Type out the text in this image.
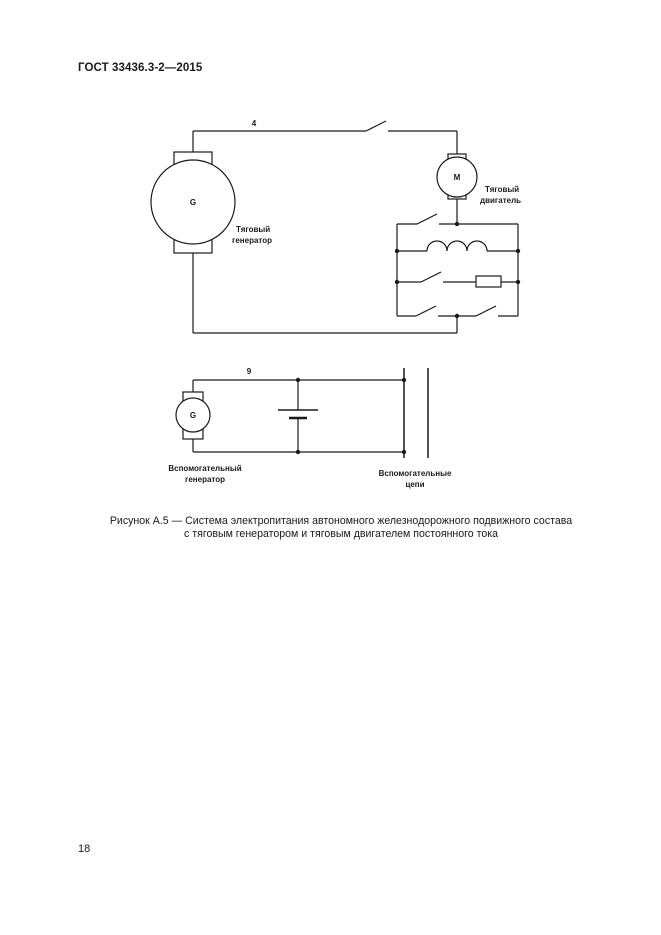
ГОСТ 33436.3-2—2015
4
G
Тяговый
генератор
M
Тяговый
двигатель
9
G
Вспомогательный
генератор
Вспомогательные
цепи
Рисунок А.5 — Система электропитания автономного железнодорожного подвижного состава
с тяговым генератором и тяговым двигателем постоянного тока
18
